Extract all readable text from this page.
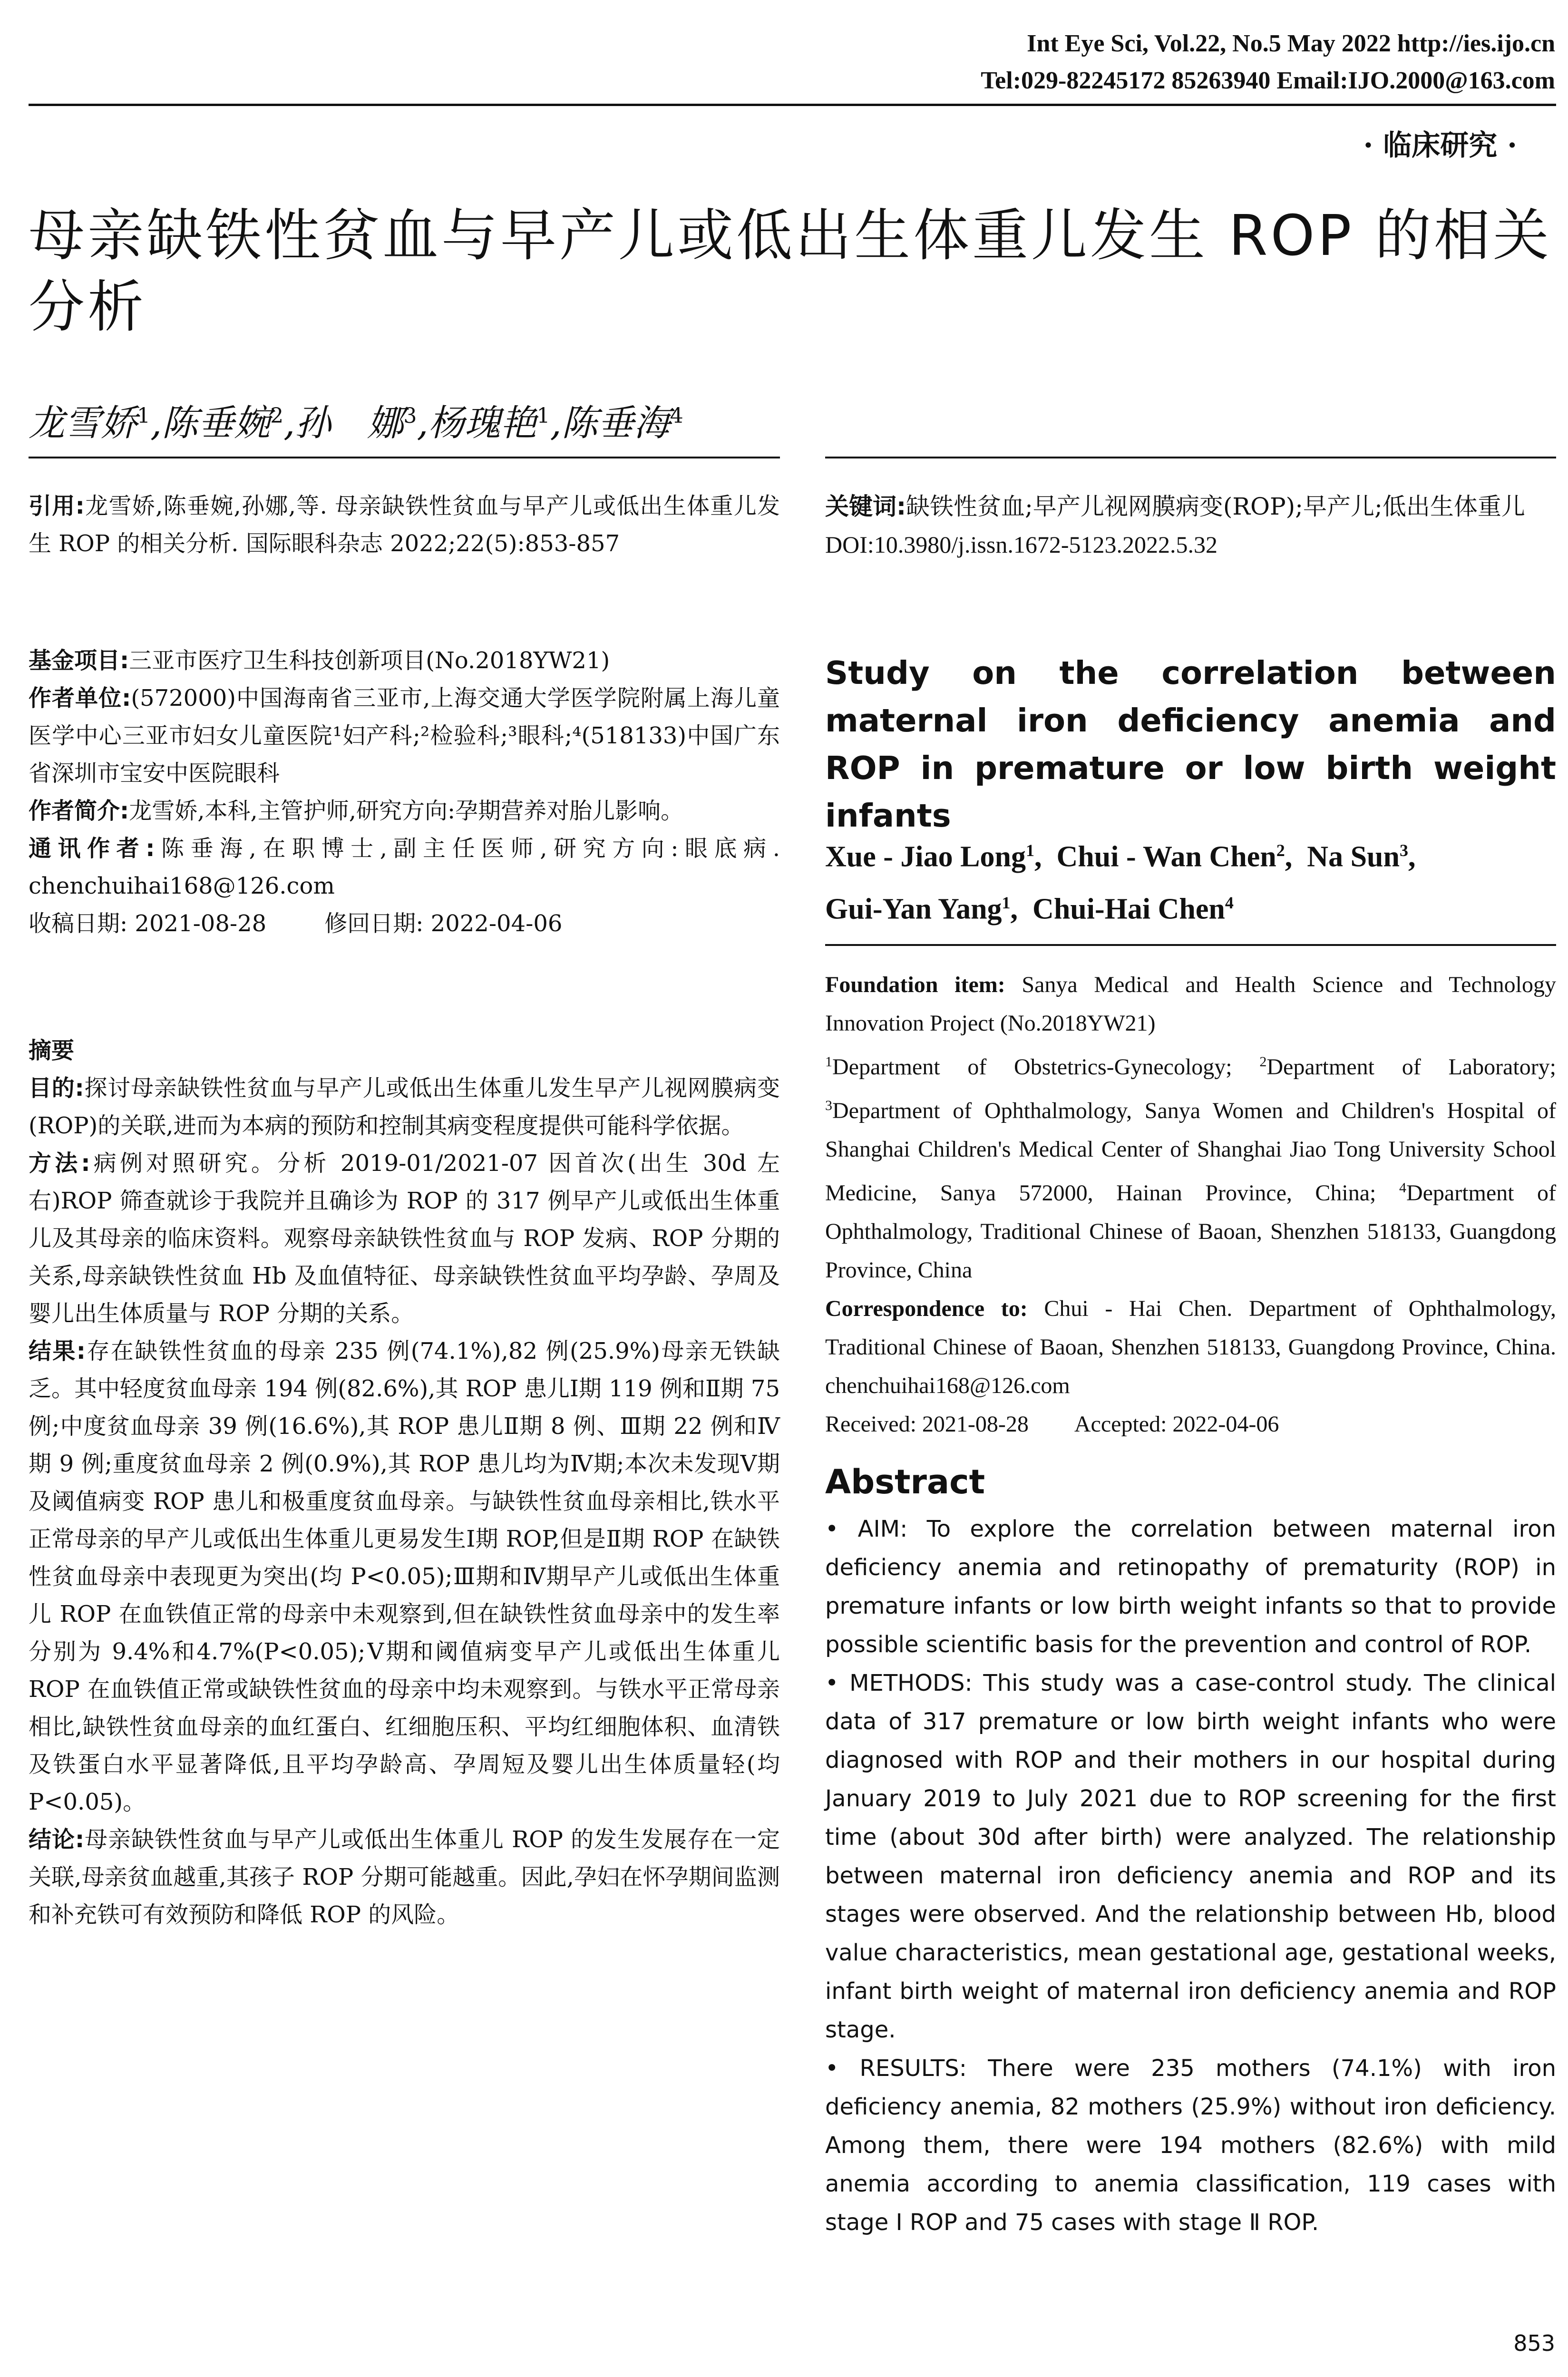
Int Eye Sci, Vol.22, No.5 May 2022 http://ies.ijo.cn
Tel:029-82245172 85263940 Email:IJO.2000@163.com
· 临床研究 ·
母亲缺铁性贫血与早产儿或低出生体重儿发生 ROP 的相关分析
龙雪娇$^1$,陈垂婉$^2$,孙　娜$^3$,杨瑰艳$^1$,陈垂海$^4$

引用:龙雪娇,陈垂婉,孙娜,等. 母亲缺铁性贫血与早产儿或低出生体重儿发生 ROP 的相关分析. 国际眼科杂志 2022;22(5):853-857

基金项目:三亚市医疗卫生科技创新项目(No.2018YW21)

作者单位:(572000)中国海南省三亚市,上海交通大学医学院附属上海儿童医学中心三亚市妇女儿童医院¹妇产科;²检验科;³眼科;⁴(518133)中国广东省深圳市宝安中医院眼科

作者简介:龙雪娇,本科,主管护师,研究方向:孕期营养对胎儿影响。

通讯作者:陈垂海,在职博士,副主任医师,研究方向:眼底病. chenchuihai168@126.com

收稿日期: 2021-08-28	修回日期: 2022-04-06

摘要

目的:探讨母亲缺铁性贫血与早产儿或低出生体重儿发生早产儿视网膜病变(ROP)的关联,进而为本病的预防和控制其病变程度提供可能科学依据。

方法:病例对照研究。分析 2019-01/2021-07 因首次(出生 30d 左右)ROP 筛查就诊于我院并且确诊为 ROP 的 317 例早产儿或低出生体重儿及其母亲的临床资料。观察母亲缺铁性贫血与 ROP 发病、ROP 分期的关系,母亲缺铁性贫血 Hb 及血值特征、母亲缺铁性贫血平均孕龄、孕周及婴儿出生体质量与 ROP 分期的关系。

结果:存在缺铁性贫血的母亲 235 例(74.1%),82 例(25.9%)母亲无铁缺乏。其中轻度贫血母亲 194 例(82.6%),其 ROP 患儿Ⅰ期 119 例和Ⅱ期 75 例;中度贫血母亲 39 例(16.6%),其 ROP 患儿Ⅱ期 8 例、Ⅲ期 22 例和Ⅳ期 9 例;重度贫血母亲 2 例(0.9%),其 ROP 患儿均为Ⅳ期;本次未发现Ⅴ期及阈值病变 ROP 患儿和极重度贫血母亲。与缺铁性贫血母亲相比,铁水平正常母亲的早产儿或低出生体重儿更易发生Ⅰ期 ROP,但是Ⅱ期 ROP 在缺铁性贫血母亲中表现更为突出(均 P<0.05);Ⅲ期和Ⅳ期早产儿或低出生体重儿 ROP 在血铁值正常的母亲中未观察到,但在缺铁性贫血母亲中的发生率分别为 9.4%和4.7%(P<0.05);Ⅴ期和阈值病变早产儿或低出生体重儿 ROP 在血铁值正常或缺铁性贫血的母亲中均未观察到。与铁水平正常母亲相比,缺铁性贫血母亲的血红蛋白、红细胞压积、平均红细胞体积、血清铁及铁蛋白水平显著降低,且平均孕龄高、孕周短及婴儿出生体质量轻(均 P<0.05)。

结论:母亲缺铁性贫血与早产儿或低出生体重儿 ROP 的发生发展存在一定关联,母亲贫血越重,其孩子 ROP 分期可能越重。因此,孕妇在怀孕期间监测和补充铁可有效预防和降低 ROP 的风险。

关键词:缺铁性贫血;早产儿视网膜病变(ROP);早产儿;低出生体重儿

DOI:10.3980/j.issn.1672-5123.2022.5.32

Study on the correlation between maternal iron deficiency anemia and ROP in premature or low birth weight infants
Xue - Jiao Long$^1$,  Chui - Wan Chen$^2$,  Na Sun$^3$,
Gui-Yan Yang$^1$,  Chui-Hai Chen$^4$

Foundation item: Sanya Medical and Health Science and Technology Innovation Project (No.2018YW21)

$^1$Department of Obstetrics-Gynecology; $^2$Department of Laboratory; $^3$Department of Ophthalmology, Sanya Women and Children's Hospital of Shanghai Children's Medical Center of Shanghai Jiao Tong University School Medicine, Sanya 572000, Hainan Province, China; $^4$Department of Ophthalmology, Traditional Chinese of Baoan, Shenzhen 518133, Guangdong Province, China

Correspondence to: Chui - Hai Chen. Department of Ophthalmology, Traditional Chinese of Baoan, Shenzhen 518133, Guangdong Province, China. chenchuihai168@126.com

Received: 2021-08-28 Accepted: 2022-04-06

Abstract

• AIM: To explore the correlation between maternal iron deficiency anemia and retinopathy of prematurity (ROP) in premature infants or low birth weight infants so that to provide possible scientific basis for the prevention and control of ROP.

• METHODS: This study was a case-control study. The clinical data of 317 premature or low birth weight infants who were diagnosed with ROP and their mothers in our hospital during January 2019 to July 2021 due to ROP screening for the first time (about 30d after birth) were analyzed. The relationship between maternal iron deficiency anemia and ROP and its stages were observed. And the relationship between Hb, blood value characteristics, mean gestational age, gestational weeks, infant birth weight of maternal iron deficiency anemia and ROP stage.

• RESULTS: There were 235 mothers (74.1%) with iron deficiency anemia, 82 mothers (25.9%) without iron deficiency. Among them, there were 194 mothers (82.6%) with mild anemia according to anemia classification, 119 cases with stage Ⅰ ROP and 75 cases with stage Ⅱ ROP.

853
